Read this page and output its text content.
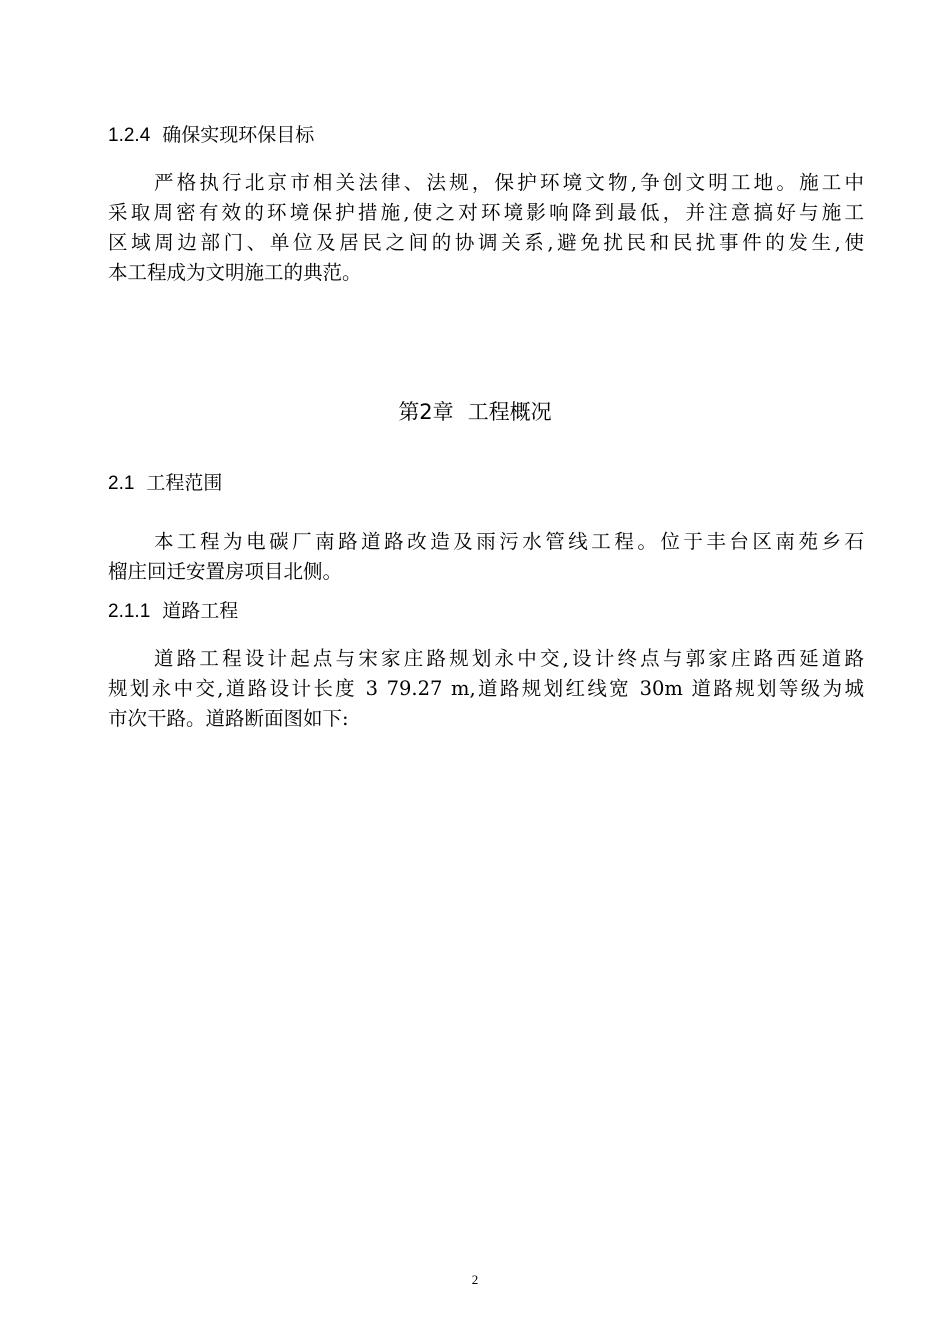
1.2.4 确保实现环保目标
严格执行北京市相关法律、法规，保护环境文物,争创文明工地。施工中
采取周密有效的环境保护措施,使之对环境影响降到最低，并注意搞好与施工
区域周边部门、单位及居民之间的协调关系,避免扰民和民扰事件的发生,使
本工程成为文明施工的典范。
第2章 工程概况
2.1 工程范围
本工程为电碳厂南路道路改造及雨污水管线工程。位于丰台区南苑乡石
榴庄回迁安置房项目北侧。
2.1.1 道路工程
道路工程设计起点与宋家庄路规划永中交,设计终点与郭家庄路西延道路
规划永中交,道路设计长度 3 79.27 m,道路规划红线宽 30m 道路规划等级为城
市次干路。道路断面图如下:
2
